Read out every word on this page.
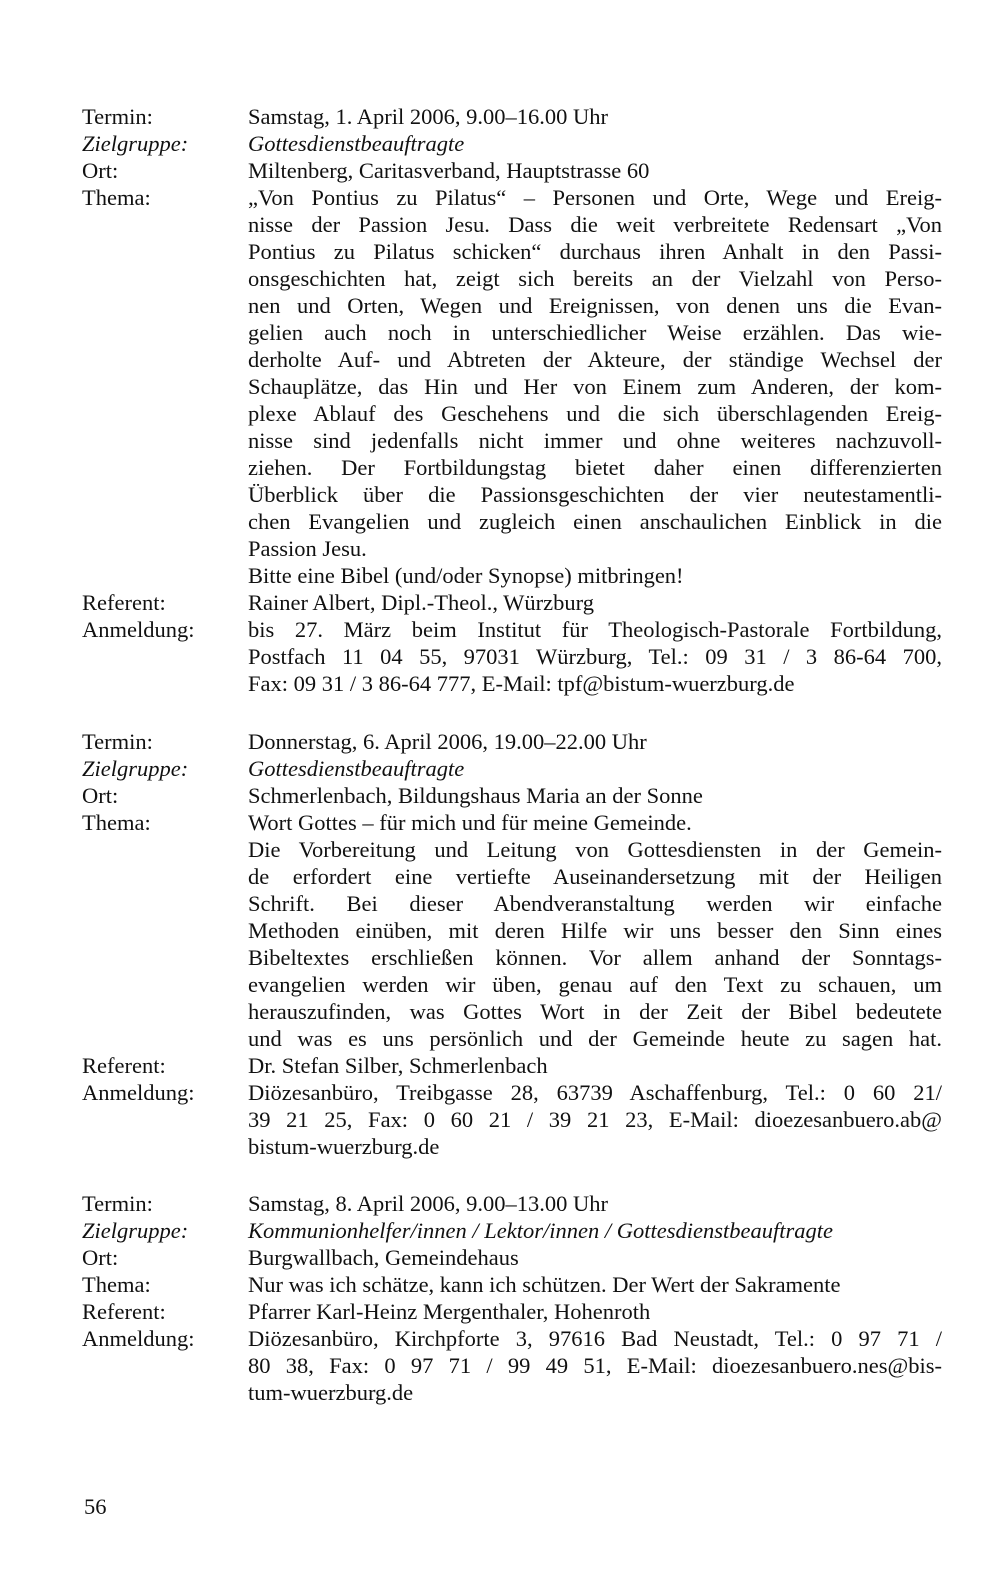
Termin:	Samstag, 1. April 2006, 9.00–16.00 Uhr
Zielgruppe:	Gottesdienstbeauftragte
Ort:	Miltenberg, Caritasverband, Hauptstrasse 60
Thema:	„Von Pontius zu Pilatus“ – Personen und Orte, Wege und Ereig-
nisse der Passion Jesu. Dass die weit verbreitete Redensart „Von
Pontius zu Pilatus schicken“ durchaus ihren Anhalt in den Passi-
onsgeschichten hat, zeigt sich bereits an der Vielzahl von Perso-
nen und Orten, Wegen und Ereignissen, von denen uns die Evan-
gelien auch noch in unterschiedlicher Weise erzählen. Das wie-
derholte Auf- und Abtreten der Akteure, der ständige Wechsel der
Schauplätze, das Hin und Her von Einem zum Anderen, der kom-
plexe Ablauf des Geschehens und die sich überschlagenden Ereig-
nisse sind jedenfalls nicht immer und ohne weiteres nachzuvoll-
ziehen. Der Fortbildungstag bietet daher einen differenzierten
Überblick über die Passionsgeschichten der vier neutestamentli-
chen Evangelien und zugleich einen anschaulichen Einblick in die
Passion Jesu.
Bitte eine Bibel (und/oder Synopse) mitbringen!
Referent:	Rainer Albert, Dipl.-Theol., Würzburg
Anmeldung:	bis 27. März beim Institut für Theologisch-Pastorale Fortbildung,
Postfach 11 04 55, 97031 Würzburg, Tel.: 09 31 / 3 86-64 700,
Fax: 09 31 / 3 86-64 777, E-Mail: tpf@bistum-wuerzburg.de
Termin:	Donnerstag, 6. April 2006, 19.00–22.00 Uhr
Zielgruppe:	Gottesdienstbeauftragte
Ort:	Schmerlenbach, Bildungshaus Maria an der Sonne
Thema:	Wort Gottes – für mich und für meine Gemeinde.
Die Vorbereitung und Leitung von Gottesdiensten in der Gemein-
de erfordert eine vertiefte Auseinandersetzung mit der Heiligen
Schrift. Bei dieser Abendveranstaltung werden wir einfache
Methoden einüben, mit deren Hilfe wir uns besser den Sinn eines
Bibeltextes erschließen können. Vor allem anhand der Sonntags-
evangelien werden wir üben, genau auf den Text zu schauen, um
herauszufinden, was Gottes Wort in der Zeit der Bibel bedeutete
und was es uns persönlich und der Gemeinde heute zu sagen hat.
Referent:	Dr. Stefan Silber, Schmerlenbach
Anmeldung:	Diözesanbüro, Treibgasse 28, 63739 Aschaffenburg, Tel.: 0 60 21/
39 21 25, Fax: 0 60 21 / 39 21 23, E-Mail: dioezesanbuero.ab@
bistum-wuerzburg.de
Termin:	Samstag, 8. April 2006, 9.00–13.00 Uhr
Zielgruppe:	Kommunionhelfer/innen / Lektor/innen / Gottesdienstbeauftragte
Ort:	Burgwallbach, Gemeindehaus
Thema:	Nur was ich schätze, kann ich schützen. Der Wert der Sakramente
Referent:	Pfarrer Karl-Heinz Mergenthaler, Hohenroth
Anmeldung:	Diözesanbüro, Kirchpforte 3, 97616 Bad Neustadt, Tel.: 0 97 71 /
80 38, Fax: 0 97 71 / 99 49 51, E-Mail: dioezesanbuero.nes@bis-
tum-wuerzburg.de
56
